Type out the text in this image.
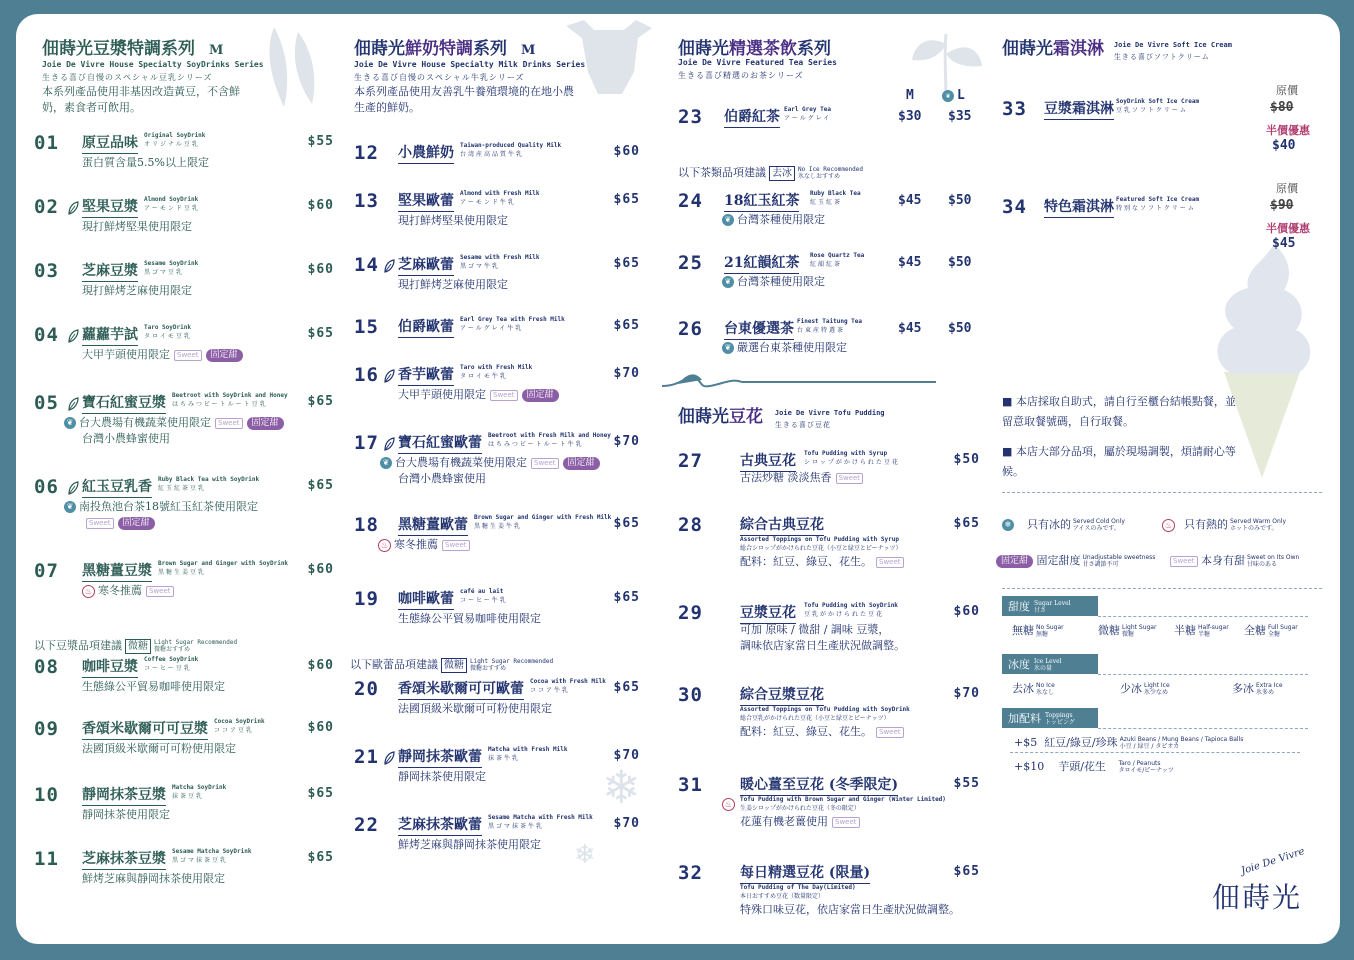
❄
❄
佃蒔光豆漿特調系列 M
Joie De Vivre House Specialty SoyDrinks Series
生きる喜び自慢のスペシャル豆乳シリーズ
本系列產品使用非基因改造黃豆，不含鮮奶，素食者可飲用。
01 原豆品味 Original SoyDrink
オリジナル豆乳	$55
蛋白質含量5.5%以上限定
02 堅果豆漿 Almond SoyDrink
アーモンド豆乳	$60
現打鮮烤堅果使用限定
03 芝麻豆漿 Sesame SoyDrink
黒ゴマ豆乳	$60
現打鮮烤芝麻使用限定
04 蘿蘿芋試 Taro SoyDrink
タロイモ豆乳	$65
大甲芋頭使用限定 Sweet 固定甜
05 寶石紅蜜豆漿 Beetroot with SoyDrink and Honey
はちみつビートルート豆乳	$65
❦ 台大農場有機蔬菜使用限定 Sweet 固定甜
台灣小農蜂蜜使用
06 紅玉豆乳香 Ruby Black Tea with SoyDrink
紅玉紅茶豆乳	$65
❦ 南投魚池台茶18號紅玉紅茶使用限定
Sweet 固定甜
07 黑糖薑豆漿 Brown Sugar and Ginger with SoyDrink
黒糖生姜豆乳	$60
♨ 寒冬推薦 Sweet
08 咖啡豆漿 Coffee SoyDrink
コーヒー豆乳	$60
生態綠公平貿易咖啡使用限定
09 香頌米歇爾可可豆漿 Cocoa SoyDrink
ココア豆乳	$60
法國頂級米歇爾可可粉使用限定
10 靜岡抹茶豆漿 Matcha SoyDrink
抹茶豆乳	$65
靜岡抹茶使用限定
11 芝麻抹茶豆漿 Sesame Matcha SoyDrink
黒ゴマ抹茶豆乳	$65
鮮烤芝麻與靜岡抹茶使用限定
以下豆漿品項建議 微糖 Light Sugar Recommended
微糖おすすめ
佃蒔光鮮奶特調系列 M
Joie De Vivre House Specialty Milk Drinks Series
生きる喜び自慢のスペシャル牛乳シリーズ
本系列產品使用友善乳牛養殖環境的在地小農生產的鮮奶。
12 小農鮮奶 Taiwan-produced Quality Milk
台湾産高品質牛乳	$60
13 堅果歐蕾 Almond with Fresh Milk
アーモンド牛乳	$65
現打鮮烤堅果使用限定
14 芝麻歐蕾 Sesame with Fresh Milk
黒ゴマ牛乳	$65
現打鮮烤芝麻使用限定
15 伯爵歐蕾 Earl Grey Tea with Fresh Milk
アールグレイ牛乳	$65
16 香芋歐蕾 Taro with Fresh Milk
タロイモ牛乳	$70
大甲芋頭使用限定 Sweet 固定甜
17 寶石紅蜜歐蕾 Beetroot with Fresh Milk and Honey
はちみつビートルート牛乳 $70
❦ 台大農場有機蔬菜使用限定 Sweet 固定甜
台灣小農蜂蜜使用
18 黑糖薑歐蕾 Brown Sugar and Ginger with Fresh Milk
黒糖生姜牛乳	$65
♨ 寒冬推薦 Sweet
19 咖啡歐蕾 café au lait
コーヒー牛乳	$65
生態綠公平貿易咖啡使用限定
20 香頌米歇爾可可歐蕾 Cocoa with Fresh Milk
ココア牛乳	$65
法國頂級米歇爾可可粉使用限定
21 靜岡抹茶歐蕾 Matcha with Fresh Milk
抹茶牛乳	$70
靜岡抹茶使用限定
22 芝麻抹茶歐蕾 Sesame Matcha with Fresh Milk
黒ゴマ抹茶牛乳	$70
鮮烤芝麻與靜岡抹茶使用限定
以下歐蕾品項建議 微糖 Light Sugar Recommended
微糖おすすめ
佃蒔光精選茶飲系列
Joie De Vivre Featured Tea Series
生きる喜び精選のお茶シリーズ
M	❦ L
23 伯爵紅茶 Earl Grey Tea
アールグレイ	$30 $35
24 18紅玉紅茶 Ruby Black Tea
紅玉紅茶	$45 $50
❦ 台灣茶種使用限定
25 21紅韻紅茶 Rose Quartz Tea
紅韻紅茶	$45 $50
❦ 台灣茶種使用限定
26 台東優選茶 Finest Taitung Tea
台東産特選茶	$45 $50
❦ 嚴選台東茶種使用限定
以下茶類品項建議 去冰 No Ice Recommended
氷なしおすすめ
佃蒔光豆花 Joie De Vivre Tofu Pudding
生きる喜び豆花
27	古典豆花	$50
Tofu Pudding with Syrup
シロップがかけられた豆花
古法炒糖 淡淡焦香 Sweet
28	綜合古典豆花	$65
Assorted Toppings on Tofu Pudding with Syrup
総合シロップがかけられた豆花（小豆と緑豆とピーナッツ）
配料：紅豆、綠豆、花生。 Sweet
29	豆漿豆花	$60
Tofu Pudding with SoyDrink
豆乳がかけられた豆花
可加 原味 / 微甜 / 調味 豆漿，
調味依店家當日生產狀況做調整。
30	綜合豆漿豆花	$70
Assorted Toppings on Tofu Pudding with SoyDrink
総合豆乳がかけられた豆花（小豆と緑豆とピーナッツ）
配料：紅豆、綠豆、花生。 Sweet
31	暖心薑至豆花 (冬季限定)	$55
♨
Tofu Pudding with Brown Sugar and Ginger (Winter Limited)
生姜シロップがかけられた豆花（冬の限定）
花蓮有機老薑使用 Sweet
32	每日精選豆花 (限量)	$65
Tofu Pudding of The Day(Limited)
本日おすすめ豆花（数量限定）
特殊口味豆花，依店家當日生產狀況做調整。
佃蒔光霜淇淋 Joie De Vivre Soft Ice Cream
生きる喜びソフトクリーム
33 豆漿霜淇淋 SoyDrink Soft Ice Cream
豆乳ソフトクリーム
原價
$80
半價優惠
$40
34 特色霜淇淋 Featured Soft Ice Cream
特別なソフトクリーム
原價
$90
半價優惠
$45
■ 本店採取自助式，請自行至櫃台結帳點餐，並留意取餐號碼，自行取餐。
■ 本店大部分品項，屬於現場調製，煩請耐心等候。
❄ 只有冰的 Served Cold Only
アイスのみです。	♨ 只有熱的 Served Warm Only
ホットのみです。
固定甜 固定甜度 Unadjustable sweetness
甘さ調節不可	Sweet 本身有甜 Sweet on Its Own
甘味のある
甜度 Sugar Level
甘さ
無糖 No Sugar
無糖	微糖 Light Sugar
微糖	半糖 Half-sugar
半糖	全糖 Full Sugar
全糖
冰度 Ice Level
氷の量
去冰 No Ice
氷なし	少冰 Light Ice
氷少なめ	多冰 Extra Ice
氷多め
加配料 Toppings
トッピング
+$5 紅豆/綠豆/珍珠 Azuki Beans / Mung Beans / Tapioca Balls
小豆 / 緑豆 / タピオカ
+$10 芋頭/花生 Taro / Peanuts
タロイモ/ピーナッツ
Joie De Vivre
佃蒔光
